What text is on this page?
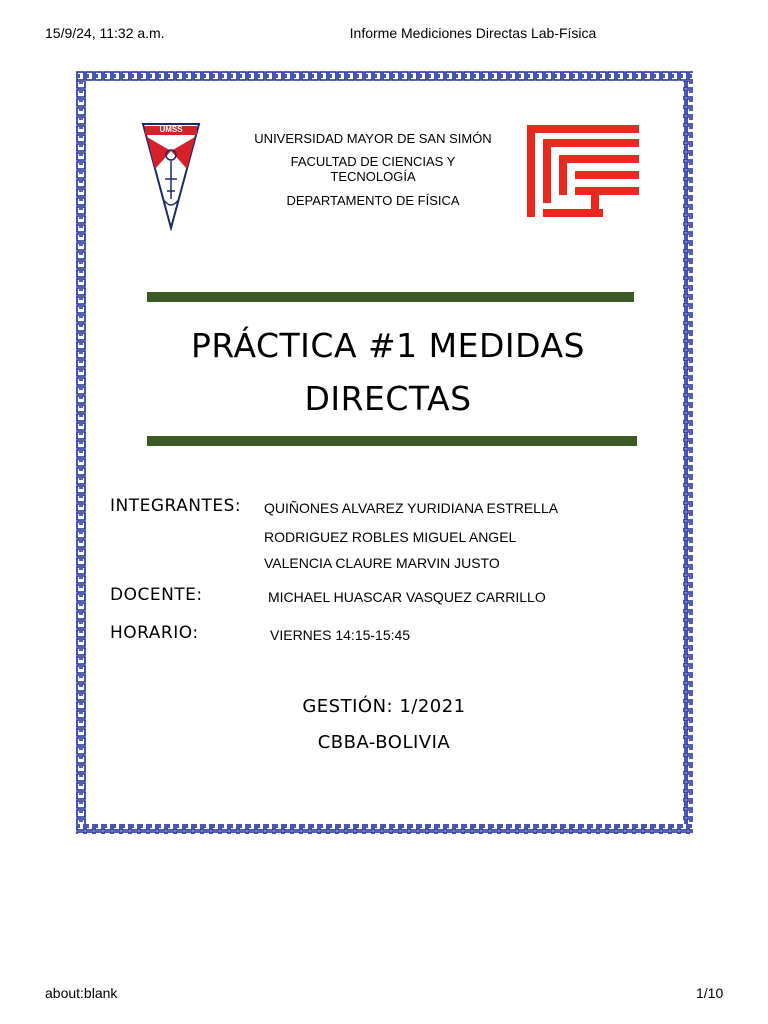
15/9/24, 11:32 a.m.	Informe Mediciones Directas Lab-Física
about:blank	1/10
UMSS
UNIVERSIDAD MAYOR DE SAN SIMÓN
FACULTAD DE CIENCIAS Y
TECNOLOGÍA
DEPARTAMENTO DE FÍSICA
PRÁCTICA #1 MEDIDAS
DIRECTAS
INTEGRANTES: QUIÑONES ALVAREZ YURIDIANA ESTRELLA
RODRIGUEZ ROBLES MIGUEL ANGEL
VALENCIA CLAURE MARVIN JUSTO
DOCENTE:	MICHAEL HUASCAR VASQUEZ CARRILLO
HORARIO:	VIERNES 14:15-15:45
GESTIÓN: 1/2021
CBBA-BOLIVIA
